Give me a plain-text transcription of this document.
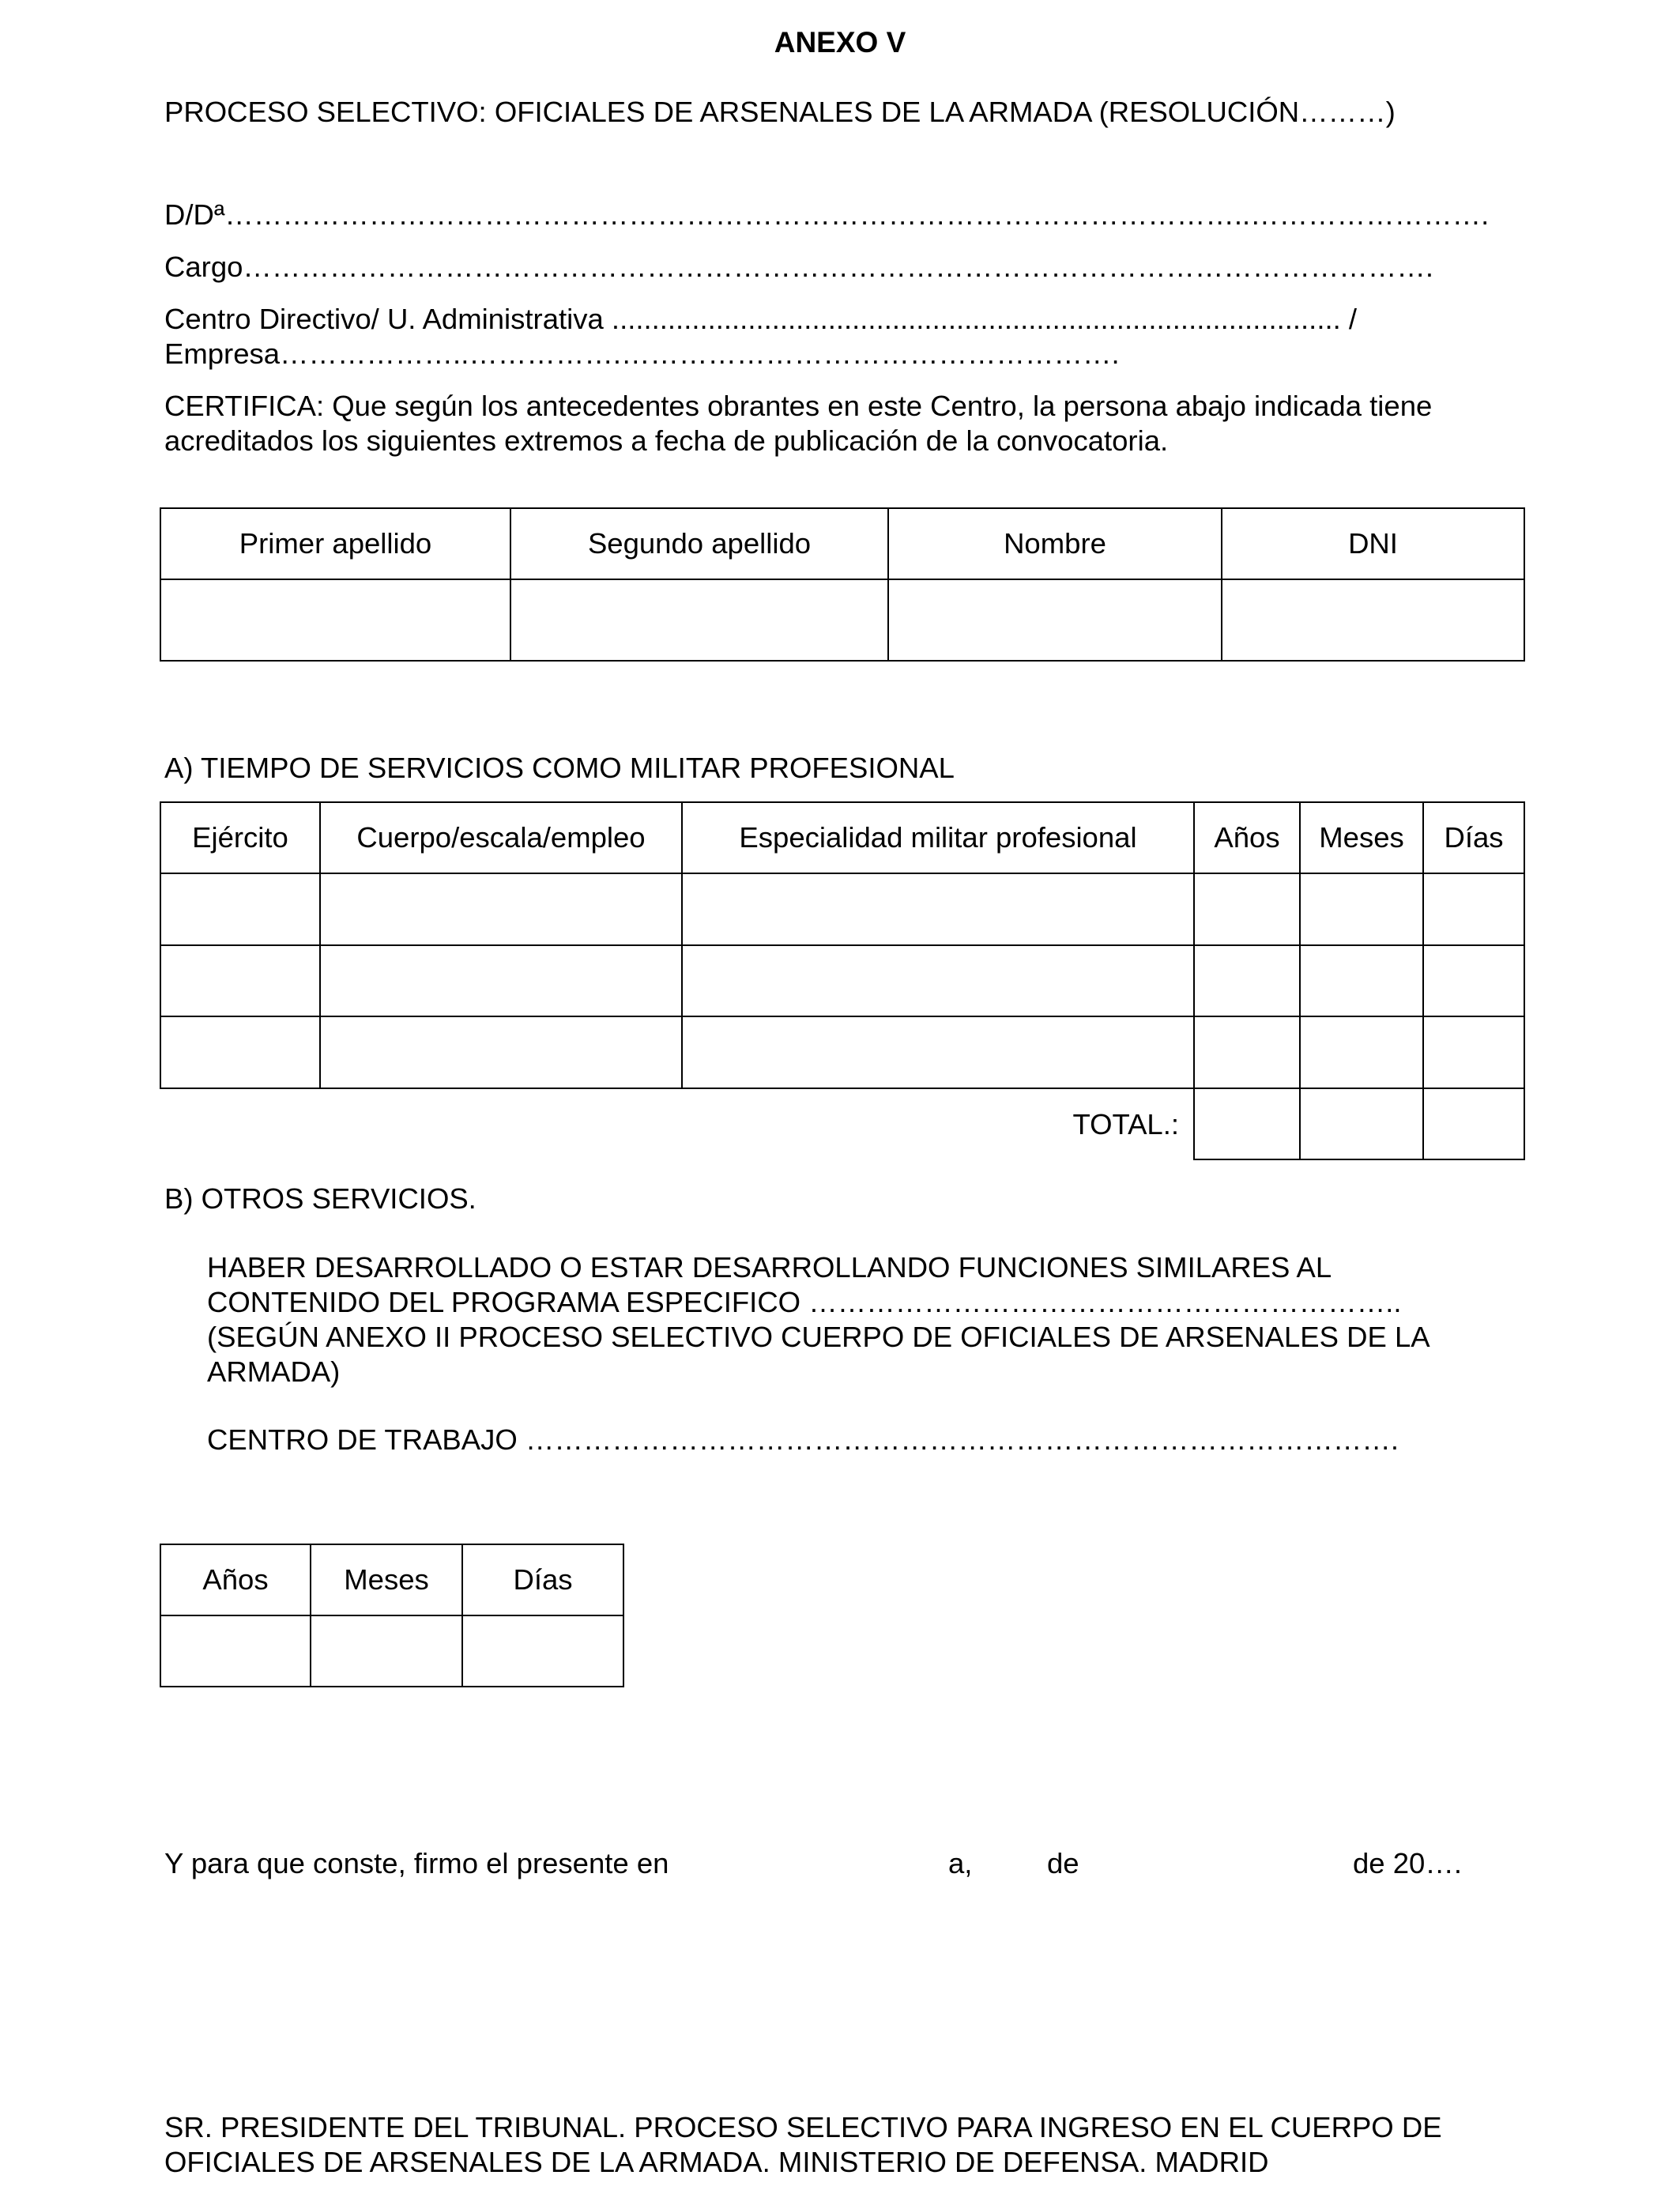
ANEXO V
PROCESO SELECTIVO: OFICIALES DE ARSENALES DE LA ARMADA (RESOLUCIÓN………)
D/Dª……………………………………………………………………………………………..…………………….
Cargo…………………………………………………………………………………………………………….
Centro Directivo/ U. Administrativa ........................................................................................... /
Empresa………………..…………….…………………………………………….
CERTIFICA: Que según los antecedentes obrantes en este Centro, la persona abajo indicada tiene
acreditados los siguientes extremos a fecha de publicación de la convocatoria.
Primer apellido	Segundo apellido	Nombre	DNI

A) TIEMPO DE SERVICIOS COMO MILITAR PROFESIONAL
Ejército	Cuerpo/escala/empleo	Especialidad militar profesional	Años	Meses	Días

TOTAL.:					
B) OTROS SERVICIOS.
HABER DESARROLLADO O ESTAR DESARROLLANDO FUNCIONES SIMILARES AL
CONTENIDO DEL PROGRAMA ESPECIFICO ……………………………………………………..
(SEGÚN ANEXO II PROCESO SELECTIVO CUERPO DE OFICIALES DE ARSENALES DE LA
ARMADA)
CENTRO DE TRABAJO ……………………………………………………………………………….
Años	Meses	Días

Y para que conste, firmo el presente en	a,	de	de 20….
SR. PRESIDENTE DEL TRIBUNAL. PROCESO SELECTIVO PARA INGRESO EN EL CUERPO DE
OFICIALES DE ARSENALES DE LA ARMADA. MINISTERIO DE DEFENSA. MADRID
